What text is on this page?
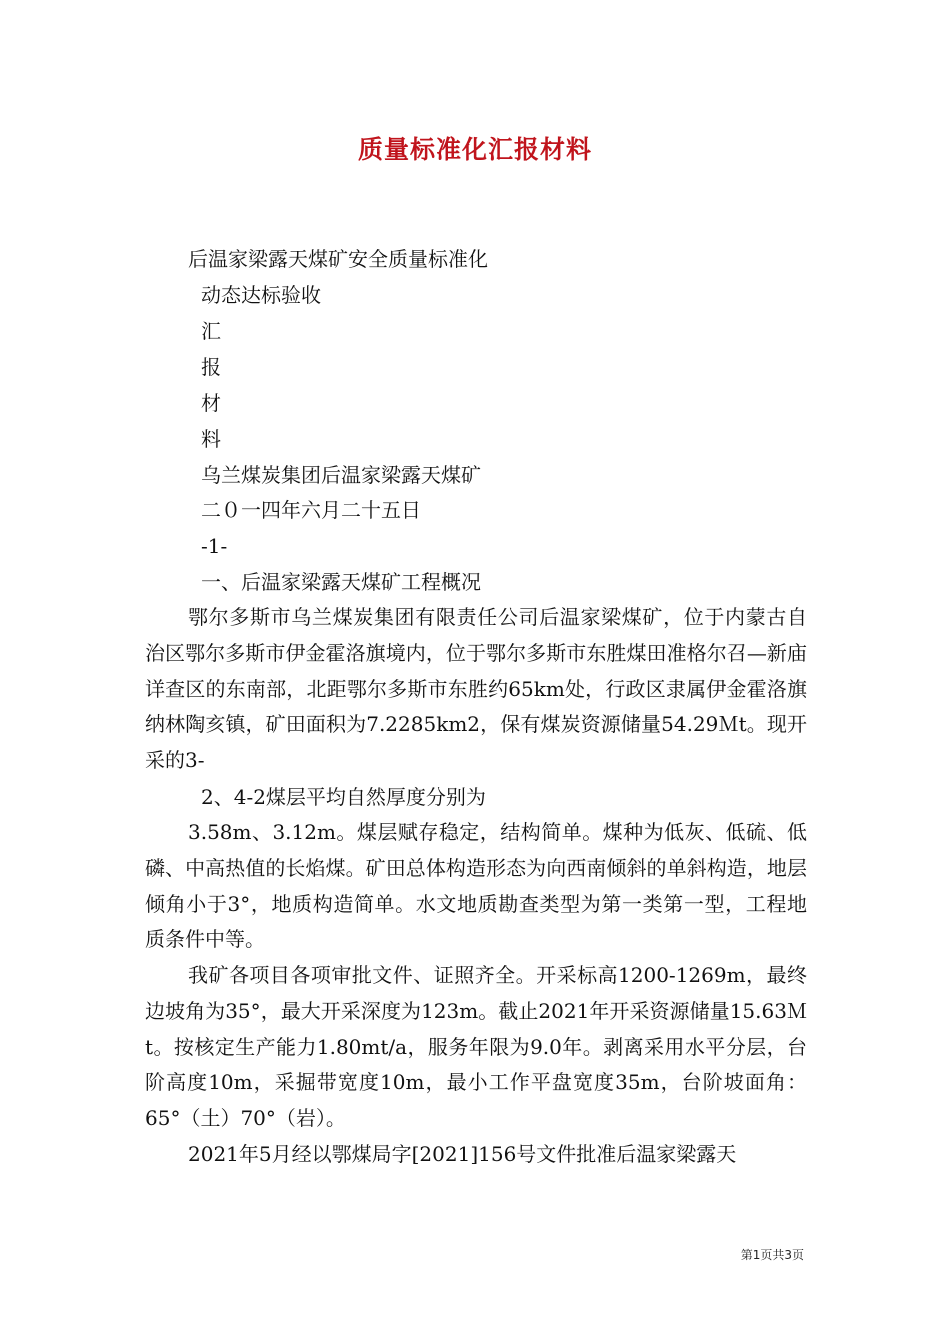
质量标准化汇报材料
后温家梁露天煤矿安全质量标准化
动态达标验收
汇
报
材
料
乌兰煤炭集团后温家梁露天煤矿
二０一四年六月二十五日
-1-
一、后温家梁露天煤矿工程概况
鄂尔多斯市乌兰煤炭集团有限责任公司后温家梁煤矿，位于内蒙古自治区鄂尔多斯市伊金霍洛旗境内，位于鄂尔多斯市东胜煤田准格尔召—新庙详查区的东南部，北距鄂尔多斯市东胜约65km处，行政区隶属伊金霍洛旗纳林陶亥镇，矿田面积为7.2285km2，保有煤炭资源储量54.29Ｍt。现开采的3-
2、4-2煤层平均自然厚度分别为
3.58m、3.12m。煤层赋存稳定，结构简单。煤种为低灰、低硫、低磷、中高热值的长焰煤。矿田总体构造形态为向西南倾斜的单斜构造，地层倾角小于3°，地质构造简单。水文地质勘查类型为第一类第一型，工程地质条件中等。
我矿各项目各项审批文件、证照齐全。开采标高1200-1269m，最终边坡角为35°，最大开采深度为123m。截止2021年开采资源储量15.63Ｍt。按核定生产能力1.80mt/a，服务年限为9.0年。剥离采用水平分层，台阶高度10m，采掘带宽度10m，最小工作平盘宽度35m，台阶坡面角：65°（土）70°（岩）。
2021年5月经以鄂煤局字[2021]156号文件批准后温家梁露天
第1页共3页
